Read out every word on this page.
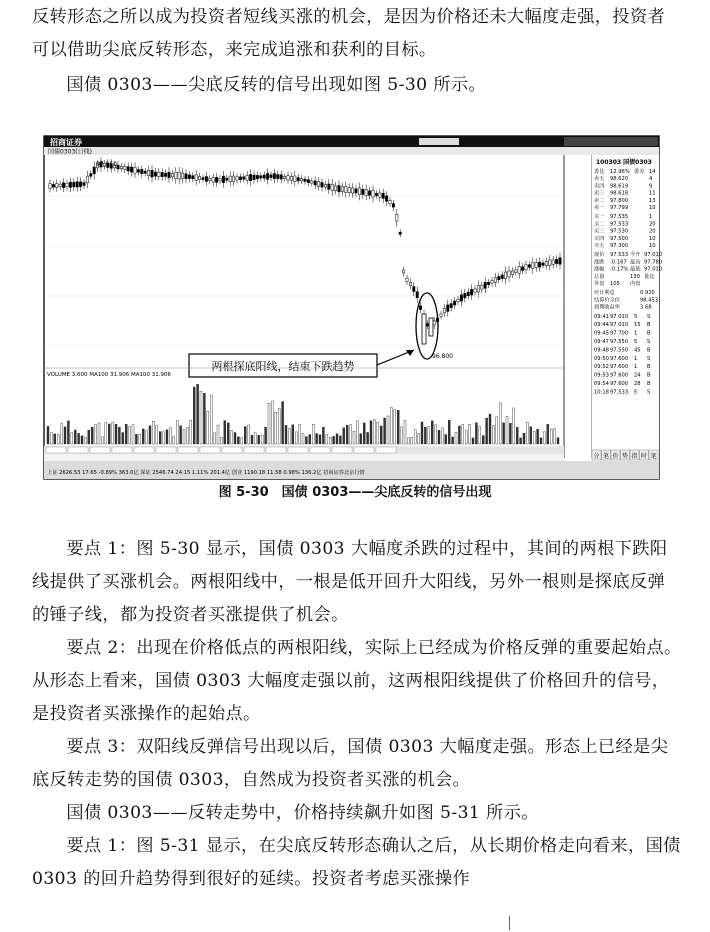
反转形态之所以成为投资者短线买涨的机会，是因为价格还未大幅度走强，投资者可以借助尖底反转形态，来完成追涨和获利的目标。
国债 0303——尖底反转的信号出现如图 5-30 所示。
招商证券
国债0303(日线)
97.950
96.800
两根探底阳线，结束下跌趋势
VOLUME 3.600 MA100 31.906 MA100 31.906
上证 2626.53 17.65 -0.89% 363.0亿 深证 2546.74 24.15 1.11% 201.4亿 创业 1190.18 11.58 0.98% 136.2亿 招商证券北京行情
100303 国债0303
委比 12.96% 委差 14
卖五 98.620	4
卖四 98.619	9
卖三 98.618	11
卖二 97.800	13
卖一 97.799	10
买一 97.535	1
买二 97.533	20
买三 97.530	20
买四 97.500	10
买五 97.300	10
现价 97.533 今开 97.010
涨跌 -0.167 最高 97.780
涨幅 -0.17% 最低 97.010
总量	130 量比
外盘 105 内盘
应计利息	0.920
结算价全价	98.453
到期收益率	3.68
09:41 97.010 5 S
09:44 97.010 15 B
09:45 97.700 1 B
09:47 97.550 5 S
09:48 97.550 45 B
09:50 97.600 1 S
09:52 97.600 1 B
09:53 97.600 24 B
09:54 97.600 28 B
10:18 97.533 5 S
分 笔 价 势 指 时 笔
图 5-30　国债 0303——尖底反转的信号出现
要点 1：图 5-30 显示，国债 0303 大幅度杀跌的过程中，其间的两根下跌阳线提供了买涨机会。两根阳线中，一根是低开回升大阳线，另外一根则是探底反弹的锤子线，都为投资者买涨提供了机会。
要点 2：出现在价格低点的两根阳线，实际上已经成为价格反弹的重要起始点。从形态上看来，国债 0303 大幅度走强以前，这两根阳线提供了价格回升的信号，是投资者买涨操作的起始点。
要点 3：双阳线反弹信号出现以后，国债 0303 大幅度走强。形态上已经是尖底反转走势的国债 0303，自然成为投资者买涨的机会。
国债 0303——反转走势中，价格持续飙升如图 5-31 所示。
要点 1：图 5-31 显示，在尖底反转形态确认之后，从长期价格走向看来，国债 0303 的回升趋势得到很好的延续。投资者考虑买涨操作
